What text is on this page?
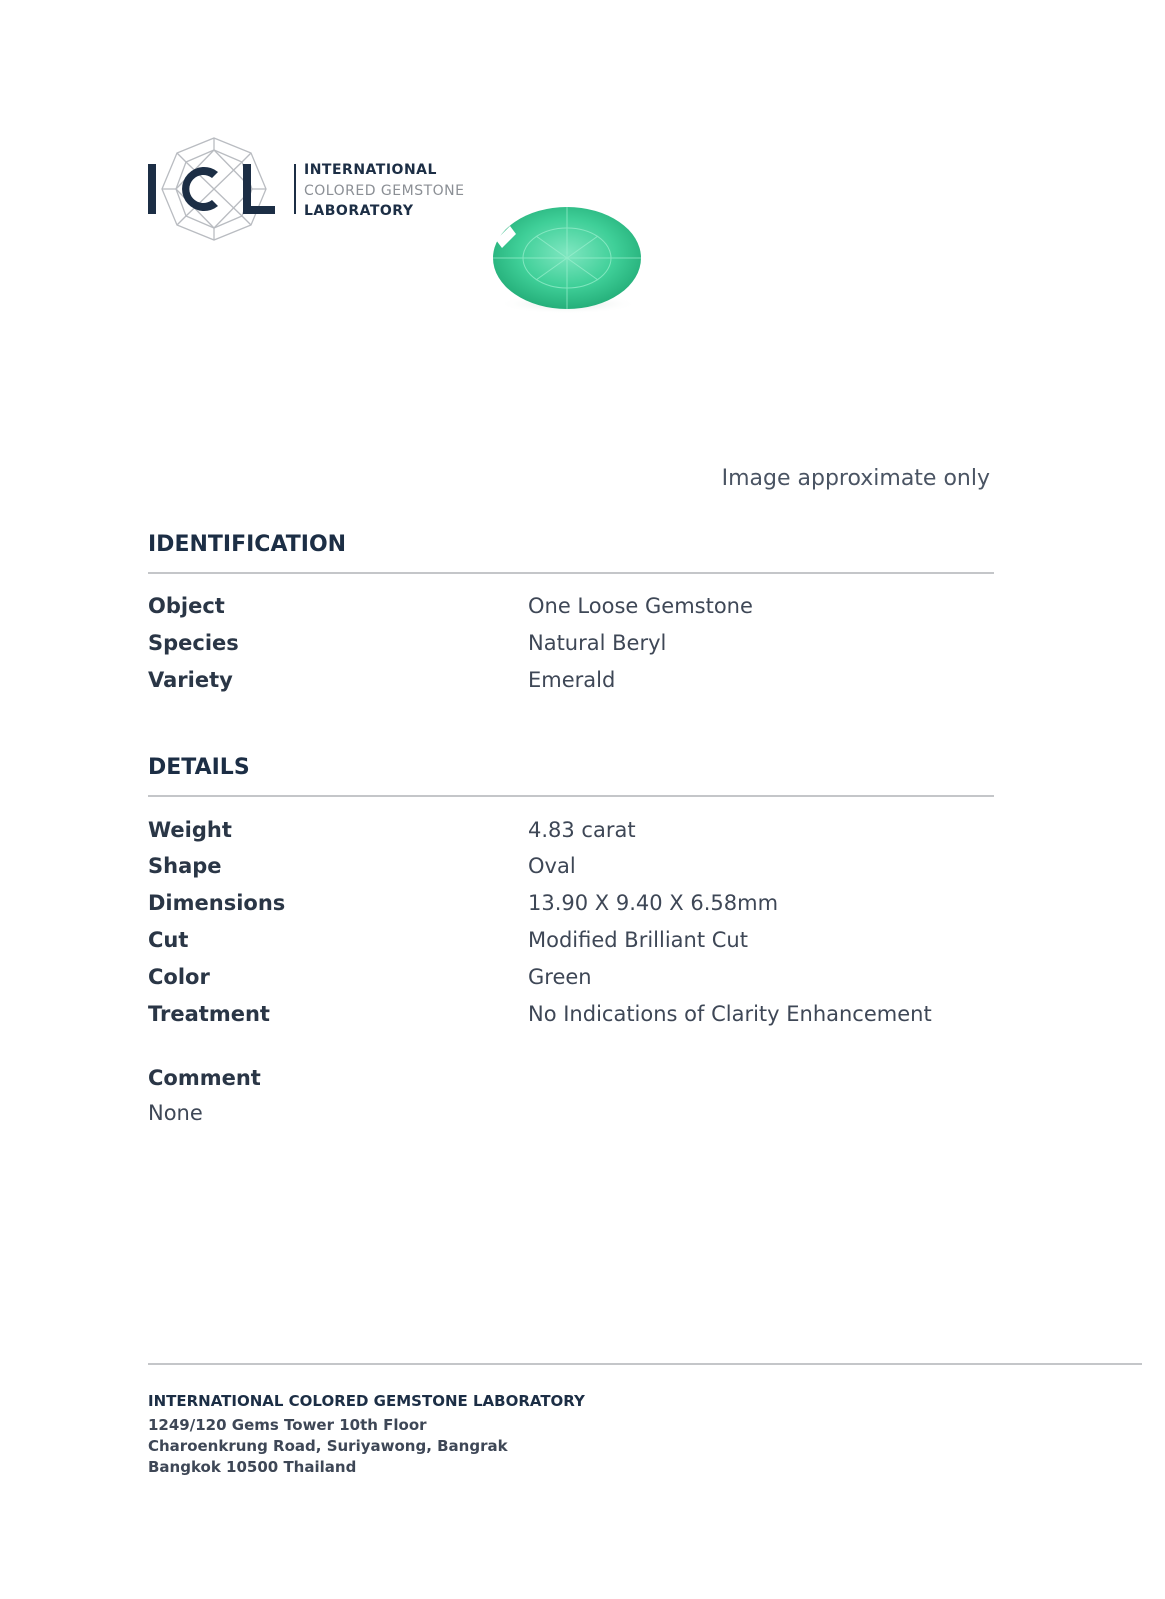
INTERNATIONAL
COLORED GEMSTONE
LABORATORY
Image approximate only
IDENTIFICATION
Object	One Loose Gemstone
Species	Natural Beryl
Variety	Emerald
DETAILS
Weight	4.83 carat
Shape	Oval
Dimensions	13.90 X 9.40 X 6.58mm
Cut	Modified Brilliant Cut
Color	Green
Treatment	No Indications of Clarity Enhancement
Comment
None
INTERNATIONAL COLORED GEMSTONE LABORATORY
1249/120 Gems Tower 10th Floor
Charoenkrung Road, Suriyawong, Bangrak
Bangkok 10500 Thailand
